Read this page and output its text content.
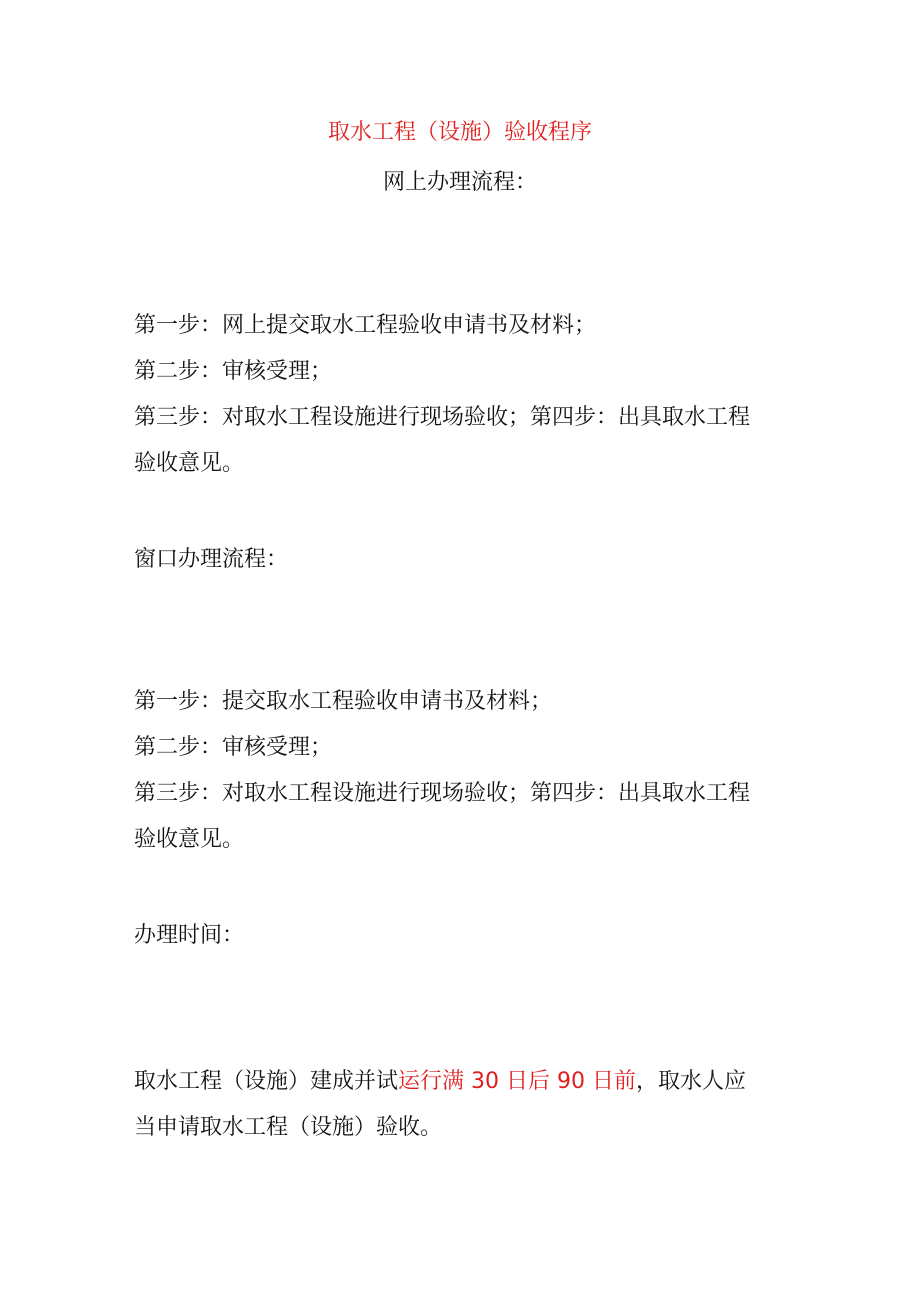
取水工程（设施）验收程序
网上办理流程：
第一步：网上提交取水工程验收申请书及材料；
第二步：审核受理；
第三步：对取水工程设施进行现场验收；第四步：出具取水工程
验收意见。
窗口办理流程：
第一步：提交取水工程验收申请书及材料；
第二步：审核受理；
第三步：对取水工程设施进行现场验收；第四步：出具取水工程
验收意见。
办理时间：
取水工程（设施）建成并试运行满 30 日后 90 日前，取水人应
当申请取水工程（设施）验收。
